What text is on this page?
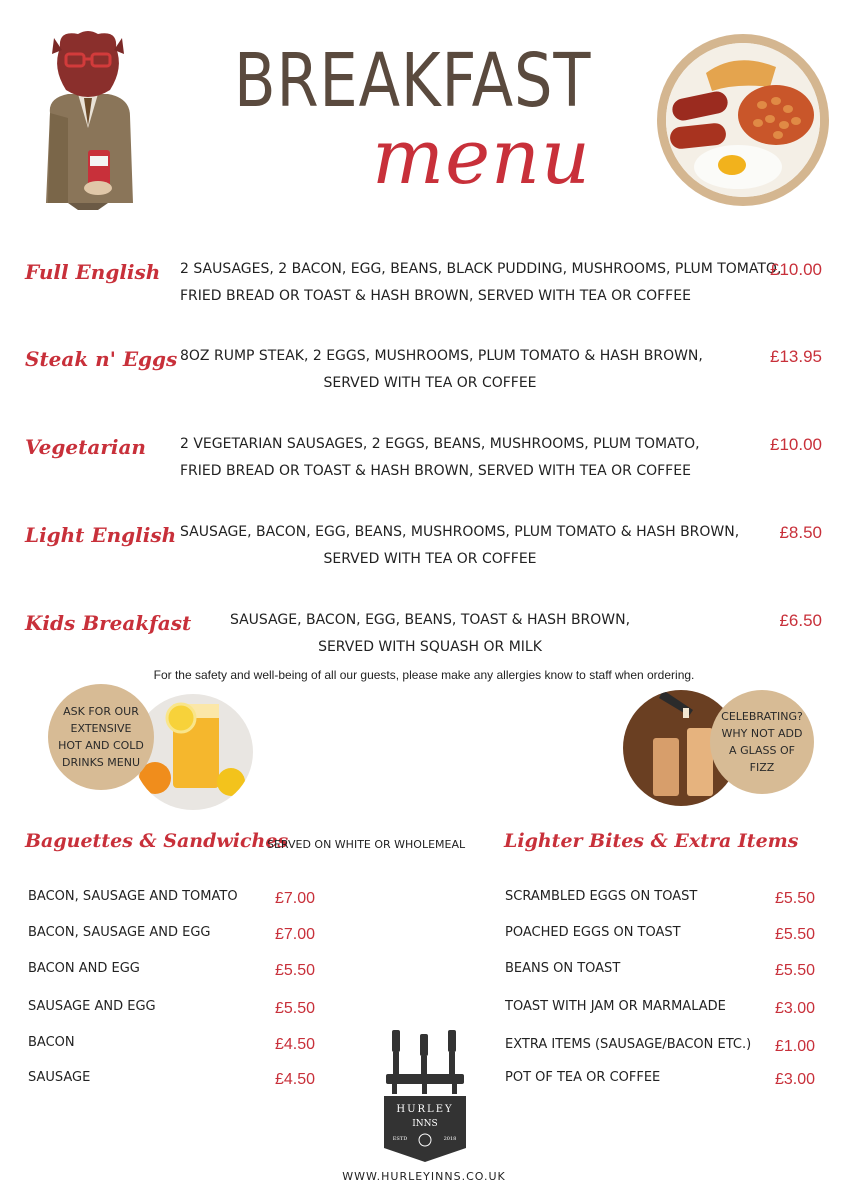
BREAKFAST
menu
Full English 2 SAUSAGES, 2 BACON, EGG, BEANS, BLACK PUDDING, MUSHROOMS, PLUM TOMATO,
FRIED BREAD OR TOAST & HASH BROWN, SERVED WITH TEA OR COFFEE
£10.00
Steak n' Eggs 8OZ RUMP STEAK, 2 EGGS, MUSHROOMS, PLUM TOMATO & HASH BROWN,
SERVED WITH TEA OR COFFEE
£13.95
Vegetarian 2 VEGETARIAN SAUSAGES, 2 EGGS, BEANS, MUSHROOMS, PLUM TOMATO,
FRIED BREAD OR TOAST & HASH BROWN, SERVED WITH TEA OR COFFEE
£10.00
Light English SAUSAGE, BACON, EGG, BEANS, MUSHROOMS, PLUM TOMATO & HASH BROWN,
SERVED WITH TEA OR COFFEE
£8.50
Kids Breakfast	SAUSAGE, BACON, EGG, BEANS, TOAST & HASH BROWN,
SERVED WITH SQUASH OR MILK
£6.50
For the safety and well-being of all our guests, please make any allergies know to staff when ordering.
ASK FOR OUR EXTENSIVE HOT AND COLD DRINKS MENU
CELEBRATING? WHY NOT ADD A GLASS OF FIZZ
Baguettes & Sandwiches
SERVED ON WHITE OR WHOLEMEAL
BACON, SAUSAGE AND TOMATO £7.00
BACON, SAUSAGE AND EGG	£7.00
BACON AND EGG	£5.50
SAUSAGE AND EGG	£5.50
BACON	£4.50
SAUSAGE	£4.50
Lighter Bites & Extra Items
SCRAMBLED EGGS ON TOAST	£5.50
POACHED EGGS ON TOAST	£5.50
BEANS ON TOAST	£5.50
TOAST WITH JAM OR MARMALADE	£3.00
EXTRA ITEMS (SAUSAGE/BACON ETC.) £1.00
POT OF TEA OR COFFEE	£3.00
HURLEY
INNS
ESTD	2018
WWW.HURLEYINNS.CO.UK
